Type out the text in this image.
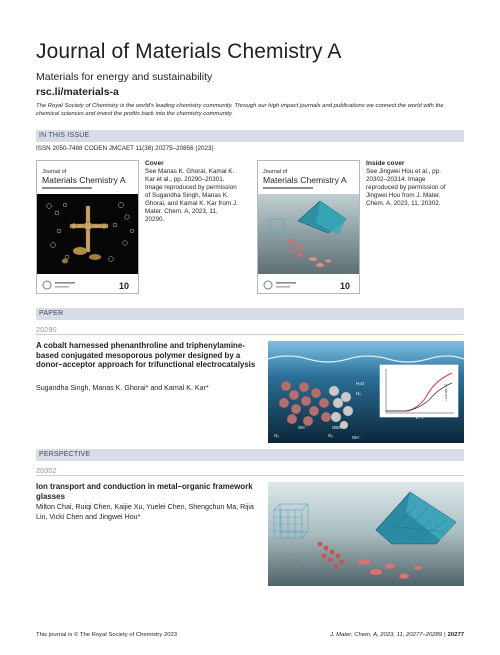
Journal of Materials Chemistry A
Materials for energy and sustainability
rsc.li/materials-a
The Royal Society of Chemistry is the world's leading chemistry community. Through our high impact journals and publications we connect the world with the chemical sciences and invest the profits back into the chemistry community.
IN THIS ISSUE
ISSN 2050-7488 CODEN JMCAET 11(38) 20275–20856 (2023)
Journal of
Materials Chemistry A
10
Cover
See Manas K. Ghorai, Kamal K. Kar et al., pp. 20290–20301. Image reproduced by permission of Sugandha Singh, Manas K. Ghorai, and Kamal K. Kar from J. Mater. Chem. A, 2023, 11, 20290.
Journal of
Materials Chemistry A
10
Inside cover
See Jingwei Hou et al., pp. 20302–20314. Image reproduced by permission of Jingwei Hou from J. Mater. Chem. A, 2023, 11, 20302.
PAPER
20290
A cobalt harnessed phenanthroline and triphenylamine-based conjugated mesoporous polymer designed by a donor–acceptor approach for trifunctional electrocatalysis
Sugandha Singh, Manas K. Ghorai* and Kamal K. Kar*
O₂
OH⁻
OH⁻
H₂O
H₂
O₂
OER
j / mA cm⁻²
E / V
PERSPECTIVE
20302
Ion transport and conduction in metal–organic framework glasses
Milton Chai, Ruiqi Chen, Kaijie Xu, Yuelei Chen, Shengchun Ma, Rijia Lin, Vicki Chen and Jingwei Hou*
This journal is © The Royal Society of Chemistry 2023	J. Mater. Chem. A, 2023, 11, 20277–20289 | 20277
